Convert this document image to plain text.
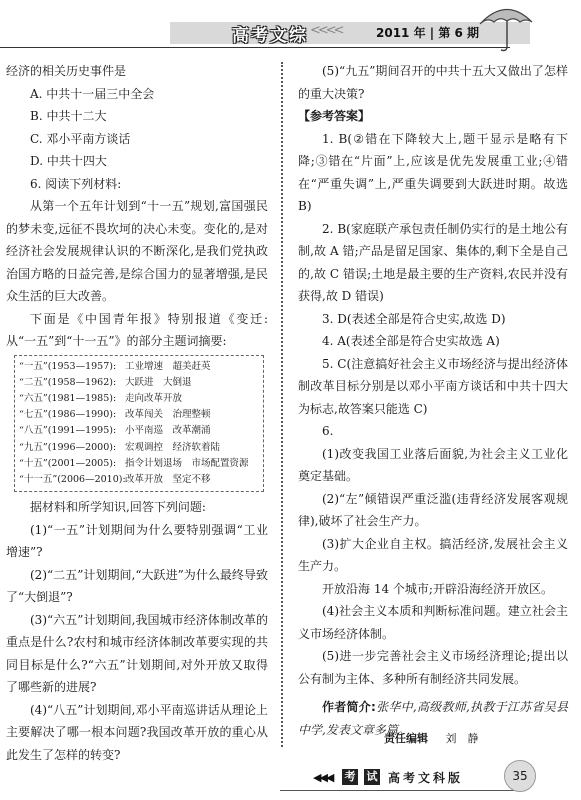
高考文综 <<<<	2011 年 | 第 6 期

经济的相关历史事件是

A. 中共十一届三中全会

B. 中共十二大

C. 邓小平南方谈话

D. 中共十四大

6. 阅读下列材料:

从第一个五年计划到“十一五”规划,富国强民的梦未变,远征不畏坎坷的决心未变。变化的,是对经济社会发展规律认识的不断深化,是我们党执政治国方略的日益完善,是综合国力的显著增强,是民众生活的巨大改善。

下面是《中国青年报》特别报道《变迁:从“一五”到“十一五”》的部分主题词摘要:

“一五”(1953—1957): 工业增速　超美赶英
“二五”(1958—1962): 大跃进　大倒退
“六五”(1981—1985): 走向改革开放
“七五”(1986—1990): 改革闯关　治理整顿
“八五”(1991—1995): 小平南巡　改革潮涌
“九五”(1996—2000): 宏观调控　经济软着陆
“十五”(2001—2005): 指令计划退场　市场配置资源
“十一五”(2006—2010): 改革开放　坚定不移

据材料和所学知识,回答下列问题:

(1)“一五”计划期间为什么要特别强调“工业增速”?

(2)“二五”计划期间,“大跃进”为什么最终导致了“大倒退”?

(3)“六五”计划期间,我国城市经济体制改革的重点是什么?农村和城市经济体制改革要实现的共同目标是什么?“六五”计划期间,对外开放又取得了哪些新的进展?

(4)“八五”计划期间,邓小平南巡讲话从理论上主要解决了哪一根本问题?我国改革开放的重心从此发生了怎样的转变?

(5)“九五”期间召开的中共十五大又做出了怎样的重大决策?

【参考答案】

1. B(②错在下降较大上,题干显示是略有下降;③错在“片面”上,应该是优先发展重工业;④错在“严重失调”上,严重失调要到大跃进时期。故选 B)

2. B(家庭联产承包责任制仍实行的是土地公有制,故 A 错;产品是留足国家、集体的,剩下全是自己的,故 C 错误;土地是最主要的生产资料,农民并没有获得,故 D 错误)

3. D(表述全部是符合史实,故选 D)

4. A(表述全部是符合史实故选 A)

5. C(注意搞好社会主义市场经济与提出经济体制改革目标分别是以邓小平南方谈话和中共十四大为标志,故答案只能选 C)

6.

(1)改变我国工业落后面貌,为社会主义工业化奠定基础。

(2)“左”倾错误严重泛滥(违背经济发展客观规律),破坏了社会生产力。

(3)扩大企业自主权。搞活经济,发展社会主义生产力。

开放沿海 14 个城市;开辟沿海经济开放区。

(4)社会主义本质和判断标准问题。建立社会主义市场经济体制。

(5)进一步完善社会主义市场经济理论;提出以公有制为主体、多种所有制经济共同发展。

作者简介:张华中,高级教师,执教于江苏省吴县中学,发表文章多篇。

责任编辑 刘　静
◀◀◀ 考 试 高考文科版	35
